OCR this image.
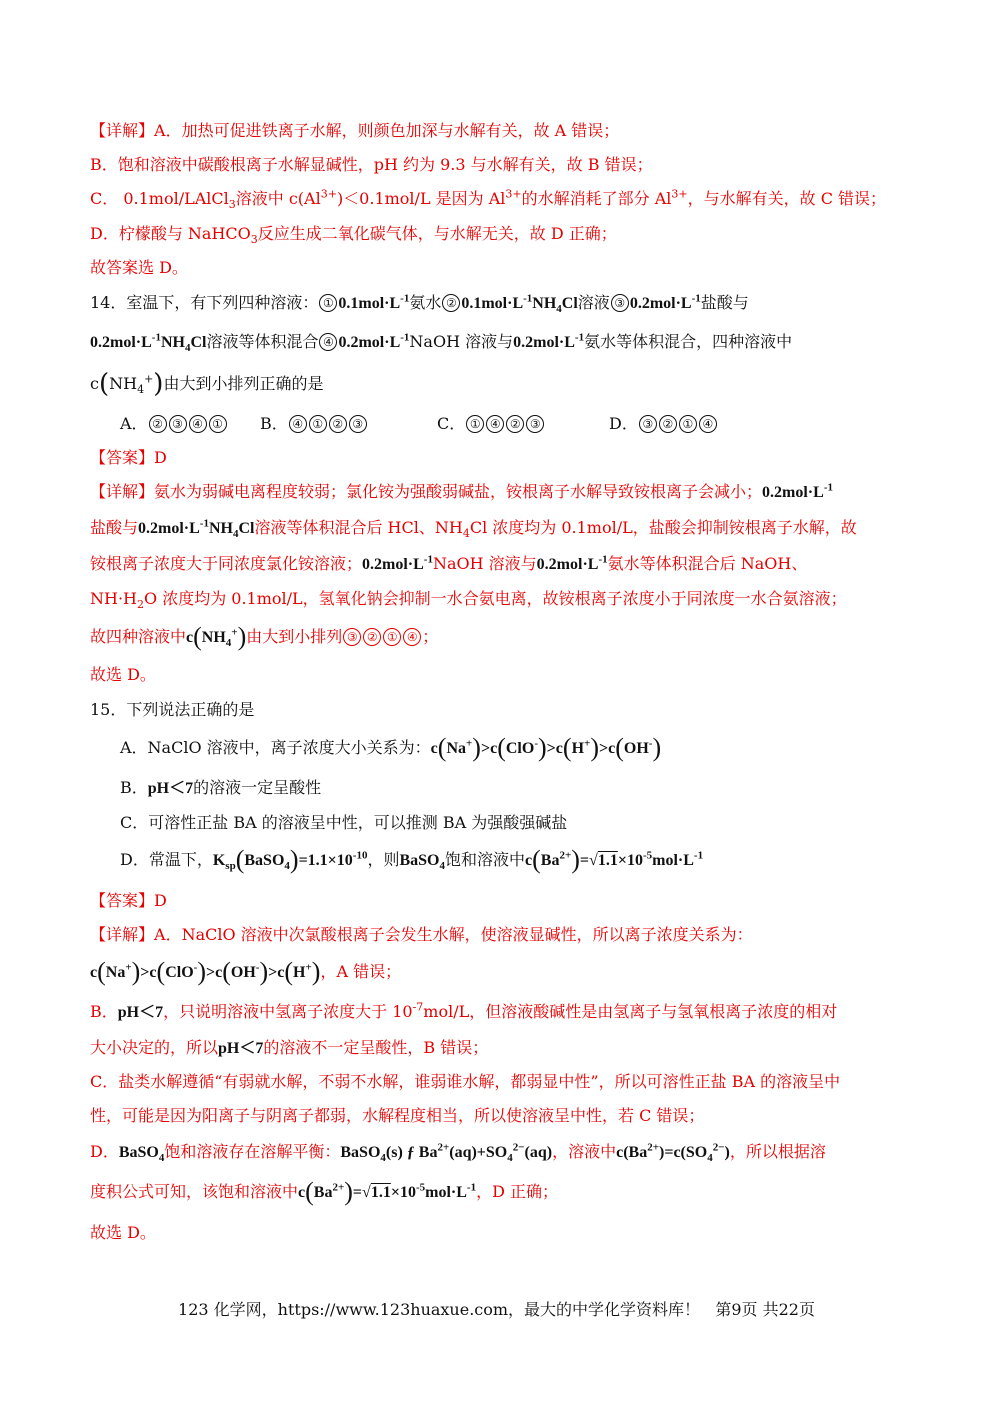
【详解】A．加热可促进铁离子水解，则颜色加深与水解有关，故 A 错误；
B．饱和溶液中碳酸根离子水解显碱性，pH 约为 9.3 与水解有关，故 B 错误；
C． 0.1mol/LAlCl$_3$溶液中 $c(Al^{3+})<0.1mol/L$ 是因为 $Al^{3+}$的水解消耗了部分 $Al^{3+}$，与水解有关，故 C 错误；
D．柠檬酸与 NaHCO$_3$反应生成二氧化碳气体，与水解无关，故 D 正确；
故答案选 D。
14．室温下，有下列四种溶液： ① $0.1mol\cdot L^{-1}$氨水 ② $0.1mol\cdot L^{-1}NH_4Cl$溶液 ③ $0.2mol\cdot L^{-1}$盐酸与
$0.2mol\cdot L^{-1}NH_4Cl$溶液等体积混合 ④ $0.2mol\cdot L^{-1}NaOH$ 溶液与$0.2mol\cdot L^{-1}$氨水等体积混合，四种溶液中
$c(NH_4^+)$由大到小排列正确的是
A． ② ③ ④ ① B． ④ ① ② ③	C． ① ④ ② ③	D． ③ ② ① ④
【答案】D
【详解】氨水为弱碱电离程度较弱；氯化铵为强酸弱碱盐，铵根离子水解导致铵根离子会减小；$0.2mol\cdot L^{-1}$
盐酸与$0.2mol\cdot L^{-1}NH_4Cl$溶液等体积混合后 HCl、$NH_4Cl$ 浓度均为 0.1mol/L，盐酸会抑制铵根离子水解，故
铵根离子浓度大于同浓度氯化铵溶液；$0.2mol\cdot L^{-1}NaOH$ 溶液与$0.2mol\cdot L^{-1}$氨水等体积混合后 NaOH、
$NH\cdot H_2O$ 浓度均为 0.1mol/L，氢氧化钠会抑制一水合氨电离，故铵根离子浓度小于同浓度一水合氨溶液；
故四种溶液中$c(NH_4^+)$由大到小排列 ③ ② ① ④ ；
故选 D。
15．下列说法正确的是
A．NaClO 溶液中，离子浓度大小关系为：c(Na+)>c(ClO-)>c(H+)>c(OH-)
B．pH＜7的溶液一定呈酸性
C．可溶性正盐 BA 的溶液呈中性，可以推测 BA 为强酸强碱盐
D．常温下，$K_{sp}(BaSO_4)=1.1\times 10^{-10}$，则BaSO$_4$饱和溶液中$c(Ba^{2+})=√1.1\times 10^{-5}mol\cdot L^{-1}$
【答案】D
【详解】A．NaClO 溶液中次氯酸根离子会发生水解，使溶液显碱性，所以离子浓度关系为：
c(Na+)>c(ClO-)>c(OH-)>c(H+)，A 错误；
B．pH＜7，只说明溶液中氢离子浓度大于 $10^{-7}mol/L$，但溶液酸碱性是由氢离子与氢氧根离子浓度的相对
大小决定的，所以pH＜7的溶液不一定呈酸性，B 错误；
C．盐类水解遵循“有弱就水解，不弱不水解，谁弱谁水解，都弱显中性”，所以可溶性正盐 BA 的溶液呈中
性，可能是因为阳离子与阴离子都弱，水解程度相当，所以使溶液呈中性，若 C 错误；
D．BaSO$_4$饱和溶液存在溶解平衡：BaSO$_4$(s) ƒ $Ba^{2+}(aq)+SO_4^{2-}(aq)$，溶液中$c(Ba^{2+})=c(SO_4^{2-})$，所以根据溶
度积公式可知，该饱和溶液中$c(Ba^{2+})=√1.1\times 10^{-5}mol\cdot L^{-1}$，D 正确；
故选 D。
123 化学网，https://www.123huaxue.com，最大的中学化学资料库！ 第9页 共22页
